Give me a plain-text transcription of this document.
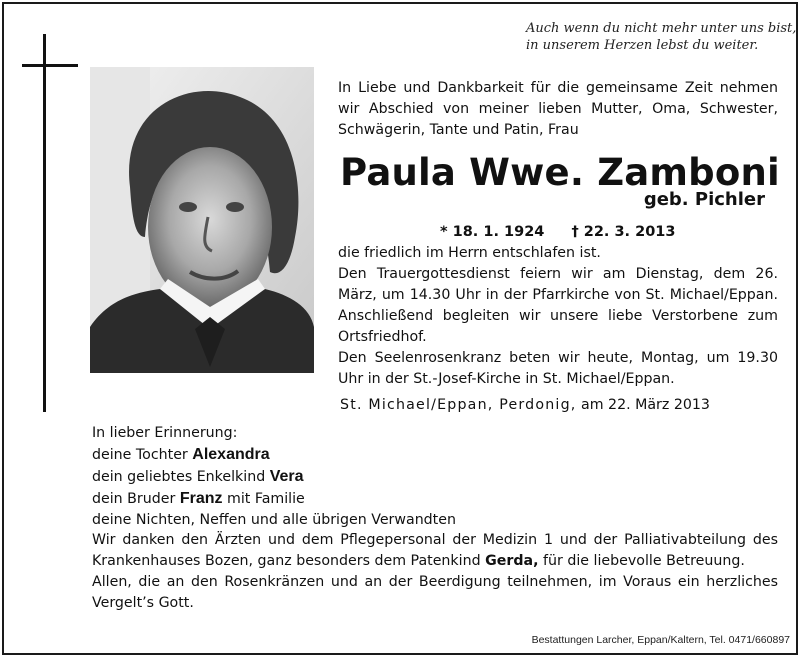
Auch wenn du nicht mehr unter uns bist,
in unserem Herzen lebst du weiter.

In Liebe und Dankbarkeit für die gemeinsame Zeit nehmen wir Abschied von meiner lieben Mutter, Oma, Schwester, Schwägerin, Tante und Patin, Frau

Paula Wwe. Zamboni
geb. Pichler
* 18. 1. 1924 † 22. 3. 2013

die friedlich im Herrn entschlafen ist.

Den Trauergottesdienst feiern wir am Dienstag, dem 26. März, um 14.30 Uhr in der Pfarrkirche von St. Michael/Eppan. Anschließend begleiten wir unsere liebe Verstorbene zum Ortsfriedhof.

Den Seelenrosenkranz beten wir heute, Montag, um 19.30 Uhr in der St.-Josef-Kirche in St. Michael/Eppan.

St. Michael/Eppan, Perdonig, am 22. März 2013
In lieber Erinnerung:
deine Tochter Alexandra
dein geliebtes Enkelkind Vera
dein Bruder Franz mit Familie
deine Nichten, Neffen und alle übrigen Verwandten

Wir danken den Ärzten und dem Pflegepersonal der Medizin 1 und der Palliativabteilung des Krankenhauses Bozen, ganz besonders dem Patenkind Gerda, für die liebevolle Betreuung.

Allen, die an den Rosenkränzen und an der Beerdigung teilnehmen, im Voraus ein herzliches Vergelt’s Gott.

Bestattungen Larcher, Eppan/Kaltern, Tel. 0471/660897
